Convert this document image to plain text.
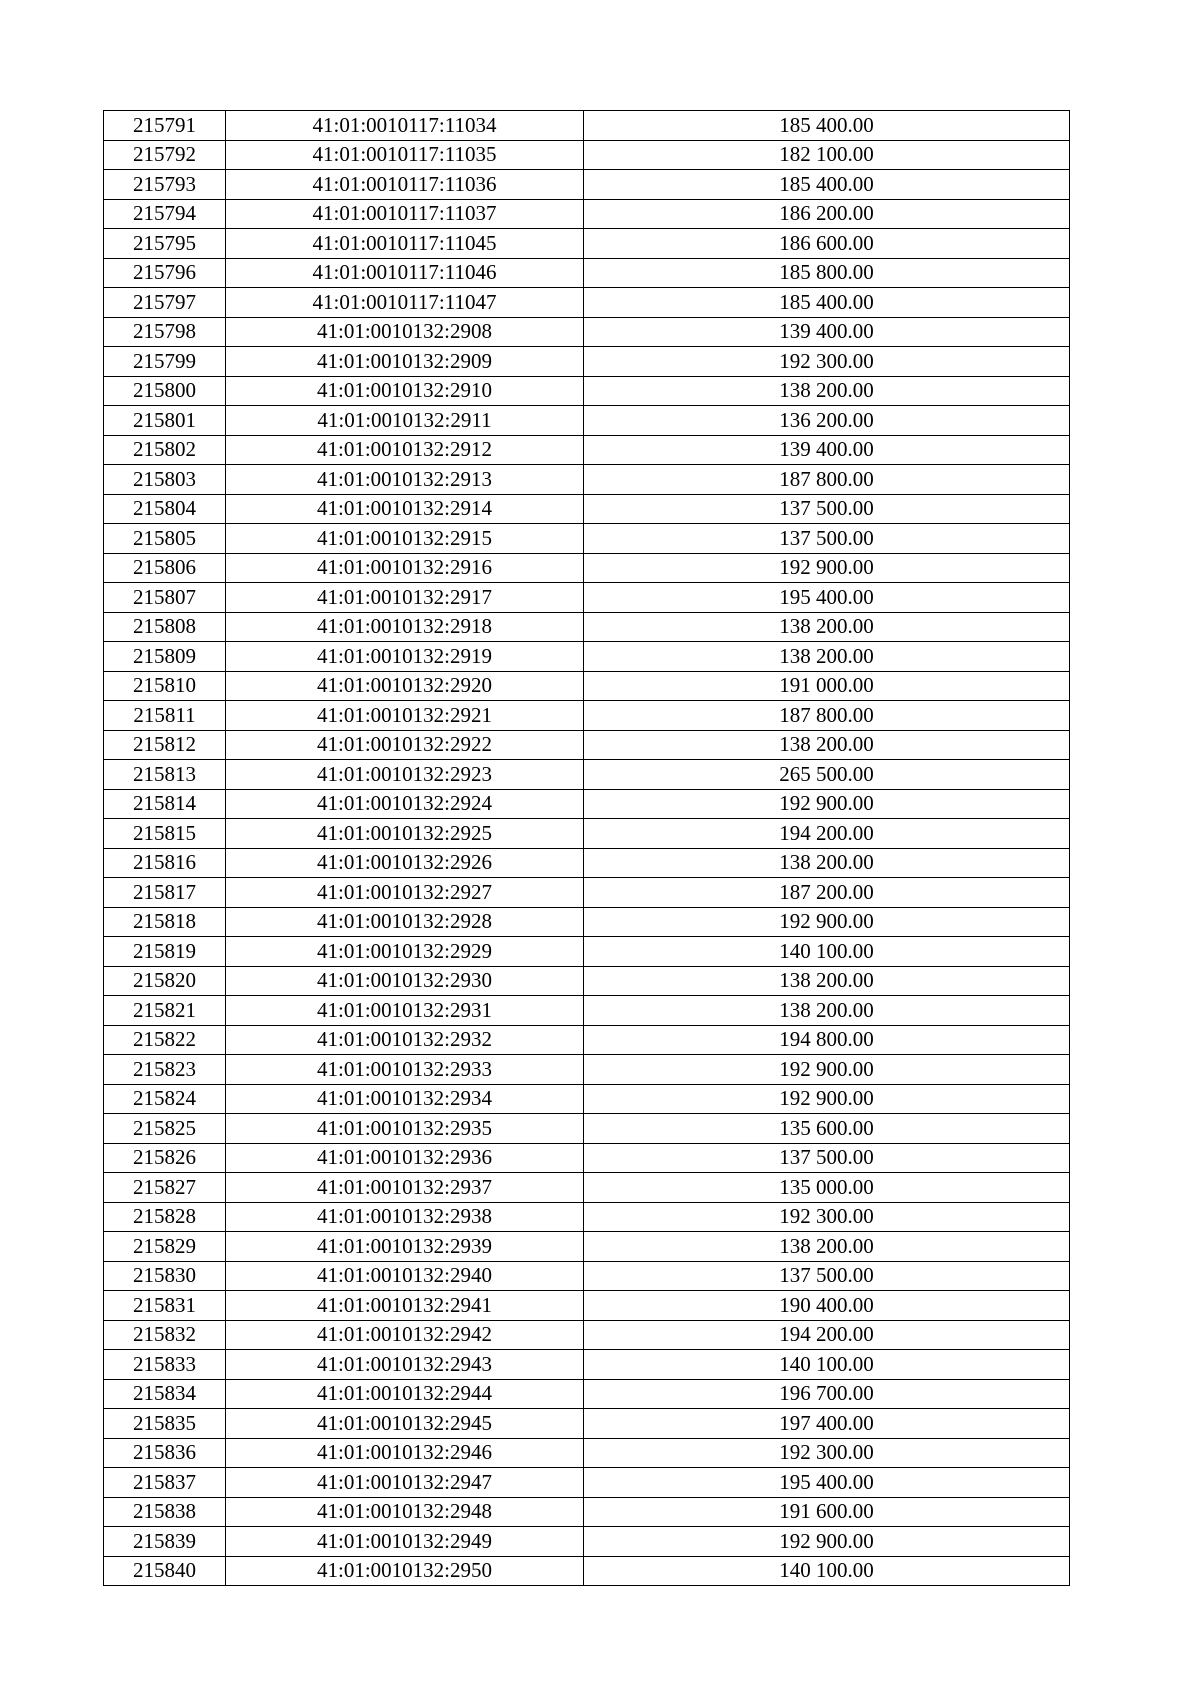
215791	41:01:0010117:11034	185 400.00
215792	41:01:0010117:11035	182 100.00
215793	41:01:0010117:11036	185 400.00
215794	41:01:0010117:11037	186 200.00
215795	41:01:0010117:11045	186 600.00
215796	41:01:0010117:11046	185 800.00
215797	41:01:0010117:11047	185 400.00
215798	41:01:0010132:2908	139 400.00
215799	41:01:0010132:2909	192 300.00
215800	41:01:0010132:2910	138 200.00
215801	41:01:0010132:2911	136 200.00
215802	41:01:0010132:2912	139 400.00
215803	41:01:0010132:2913	187 800.00
215804	41:01:0010132:2914	137 500.00
215805	41:01:0010132:2915	137 500.00
215806	41:01:0010132:2916	192 900.00
215807	41:01:0010132:2917	195 400.00
215808	41:01:0010132:2918	138 200.00
215809	41:01:0010132:2919	138 200.00
215810	41:01:0010132:2920	191 000.00
215811	41:01:0010132:2921	187 800.00
215812	41:01:0010132:2922	138 200.00
215813	41:01:0010132:2923	265 500.00
215814	41:01:0010132:2924	192 900.00
215815	41:01:0010132:2925	194 200.00
215816	41:01:0010132:2926	138 200.00
215817	41:01:0010132:2927	187 200.00
215818	41:01:0010132:2928	192 900.00
215819	41:01:0010132:2929	140 100.00
215820	41:01:0010132:2930	138 200.00
215821	41:01:0010132:2931	138 200.00
215822	41:01:0010132:2932	194 800.00
215823	41:01:0010132:2933	192 900.00
215824	41:01:0010132:2934	192 900.00
215825	41:01:0010132:2935	135 600.00
215826	41:01:0010132:2936	137 500.00
215827	41:01:0010132:2937	135 000.00
215828	41:01:0010132:2938	192 300.00
215829	41:01:0010132:2939	138 200.00
215830	41:01:0010132:2940	137 500.00
215831	41:01:0010132:2941	190 400.00
215832	41:01:0010132:2942	194 200.00
215833	41:01:0010132:2943	140 100.00
215834	41:01:0010132:2944	196 700.00
215835	41:01:0010132:2945	197 400.00
215836	41:01:0010132:2946	192 300.00
215837	41:01:0010132:2947	195 400.00
215838	41:01:0010132:2948	191 600.00
215839	41:01:0010132:2949	192 900.00
215840	41:01:0010132:2950	140 100.00
